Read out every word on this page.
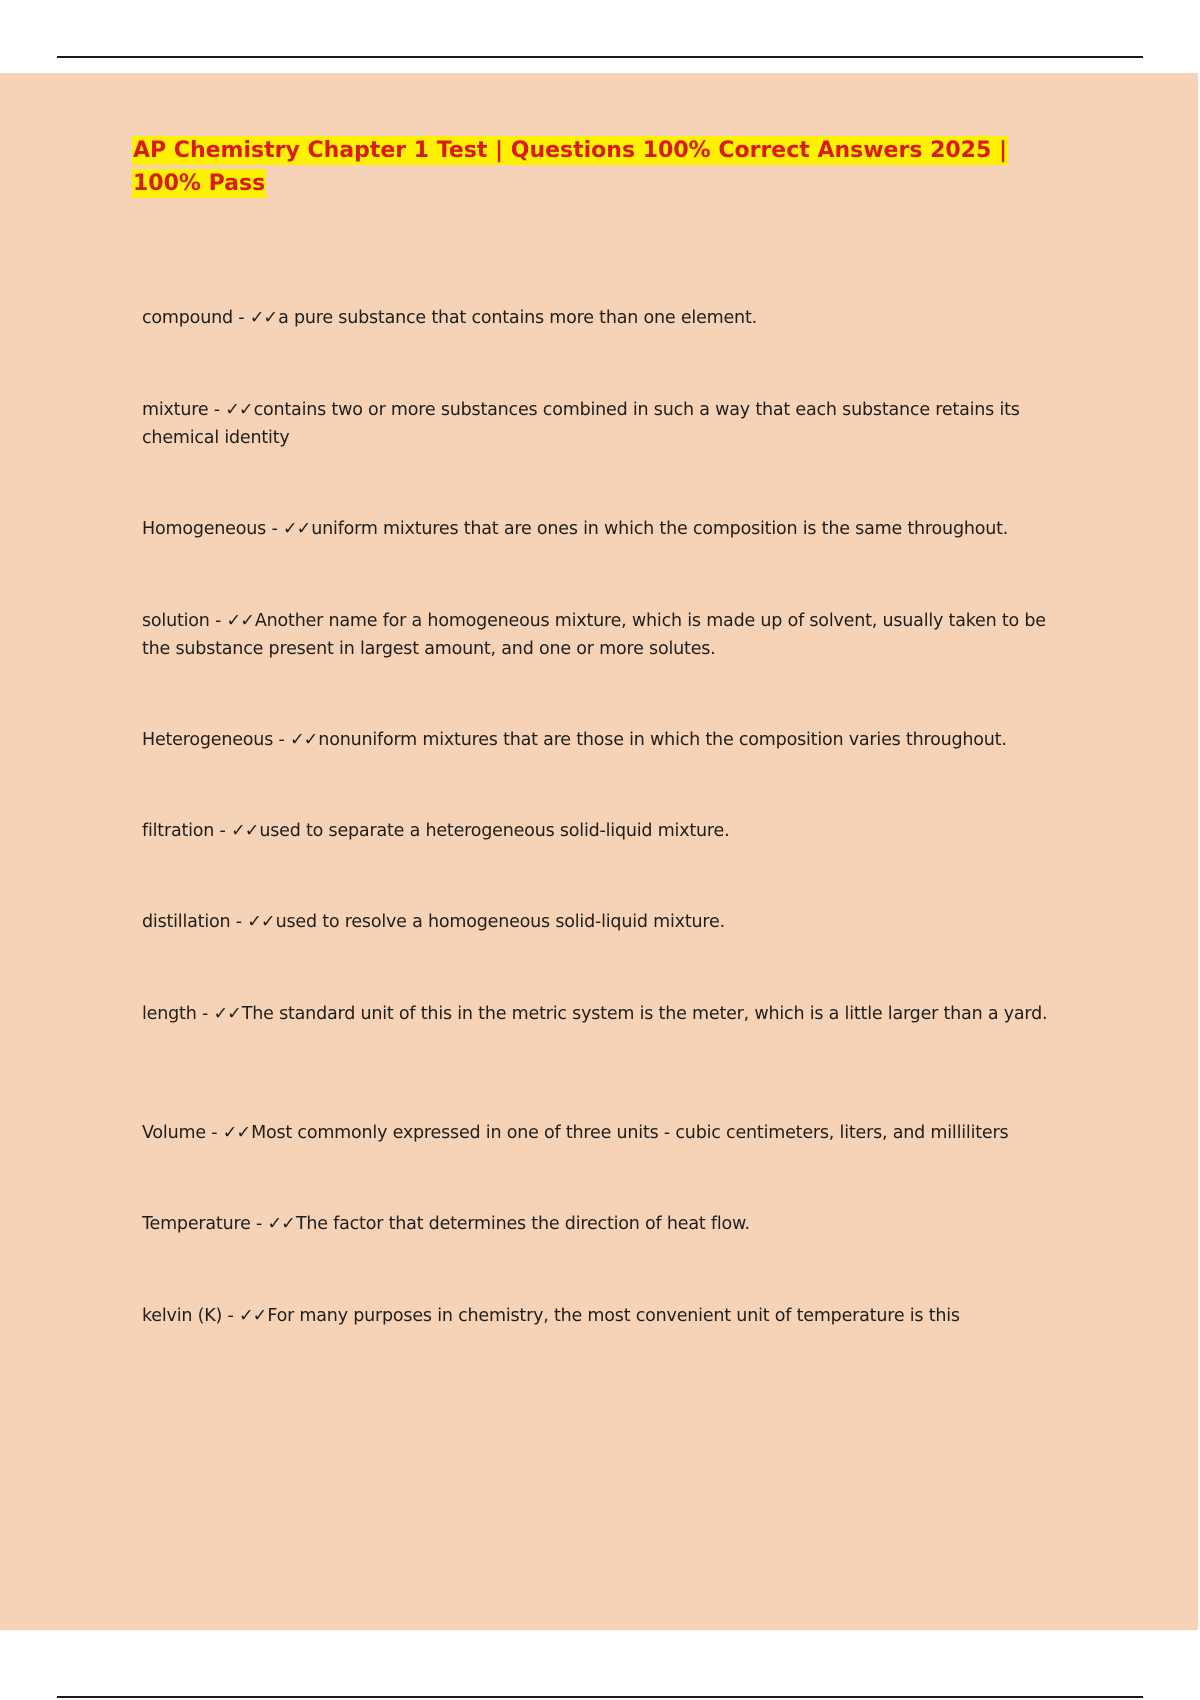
AP Chemistry Chapter 1 Test | Questions 100% Correct Answers 2025 | 100% Pass

compound - ✓✓a pure substance that contains more than one element.

mixture - ✓✓contains two or more substances combined in such a way that each substance retains its chemical identity

Homogeneous - ✓✓uniform mixtures that are ones in which the composition is the same throughout.

solution - ✓✓Another name for a homogeneous mixture, which is made up of solvent, usually taken to be the substance present in largest amount, and one or more solutes.

Heterogeneous - ✓✓nonuniform mixtures that are those in which the composition varies throughout.

filtration - ✓✓used to separate a heterogeneous solid-liquid mixture.

distillation - ✓✓used to resolve a homogeneous solid-liquid mixture.

length - ✓✓The standard unit of this in the metric system is the meter, which is a little larger than a yard.

Volume - ✓✓Most commonly expressed in one of three units - cubic centimeters, liters, and milliliters

Temperature - ✓✓The factor that determines the direction of heat flow.

kelvin (K) - ✓✓For many purposes in chemistry, the most convenient unit of temperature is this
